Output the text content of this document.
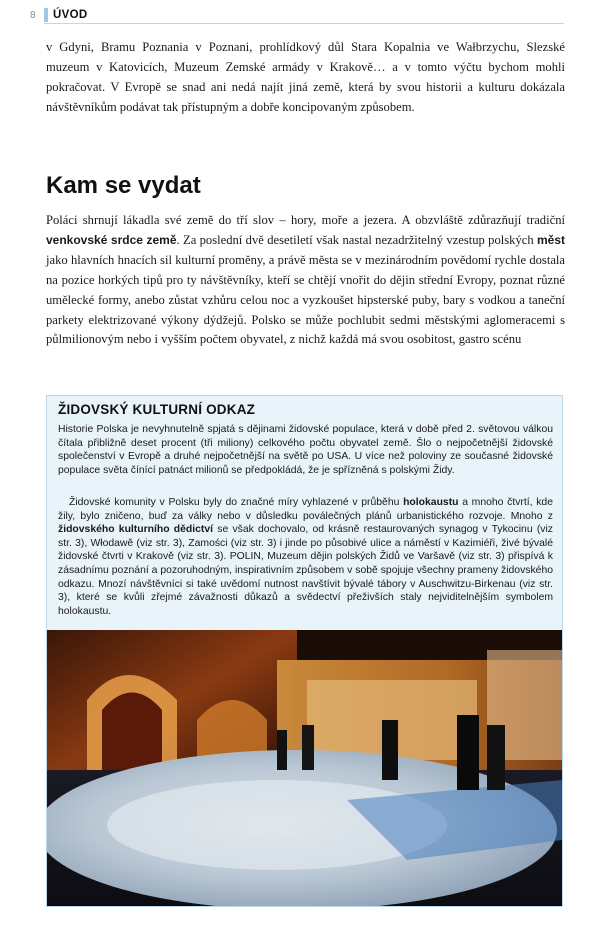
8	ÚVOD

v Gdyni, Bramu Poznania v Poznani, prohlídkový důl Stara Kopalnia ve Wałbrzychu, Slezské muzeum v Katovicích, Muzeum Zemské armády v Krakově… a v tomto výčtu bychom mohli pokračovat. V Evropě se snad ani nedá najít jiná země, která by svou historii a kulturu dokázala návštěvníkům podávat tak přístupným a dobře koncipovaným způsobem.

Kam se vydat

Poláci shrnují lákadla své země do tří slov – hory, moře a jezera. A obzvláště zdůrazňují tradiční venkovské srdce země. Za poslední dvě desetiletí však nastal nezadržitelný vzestup polských měst jako hlavních hnacích sil kulturní proměny, a právě města se v mezinárodním povědomí rychle dostala na pozice horkých tipů pro ty návštěvníky, kteří se chtějí vnořit do dějin střední Evropy, poznat různé umělecké formy, anebo zůstat vzhůru celou noc a vyzkoušet hipsterské puby, bary s vodkou a taneční parkety elektrizované výkony dýdžejů. Polsko se může pochlubit sedmi městskými aglomeracemi s půlmilionovým nebo i vyšším počtem obyvatel, z nichž každá má svou osobitost, gastro scénu

ŽIDOVSKÝ KULTURNÍ ODKAZ

Historie Polska je nevyhnutelně spjatá s dějinami židovské populace, která v době před 2. světovou válkou čítala přibližně deset procent (tři miliony) celkového počtu obyvatel země. Šlo o nejpočetnější židovské společenství v Evropě a druhé nejpočetnější na světě po USA. U více než poloviny ze současné židovské populace světa čínící patnáct milionů se předpokládá, že je spřízněná s polskými Židy.

Židovské komunity v Polsku byly do značné míry vyhlazené v průběhu holokaustu a mnoho čtvrtí, kde žily, bylo zničeno, buď za války nebo v důsledku poválečných plánů urbanistického rozvoje. Mnoho z židovského kulturního dědictví se však dochovalo, od krásně restaurovaných synagog v Tykocinu (viz str. 3), Włodawě (viz str. 3), Zamości (viz str. 3) i jinde po působivé ulice a náměstí v Kazimiéři, živé bývalé židovské čtvrti v Krakově (viz str. 3). POLIN, Muzeum dějin polských Židů ve Varšavě (viz str. 3) přispívá k zásadnímu poznání a pozoruhodným, inspirativním způsobem v sobě spojuje všechny prameny židovského odkazu. Mnozí návštěvníci si také uvědomí nutnost navštívit bývalé tábory v Auschwitzu-Birkenau (viz str. 3), které se kvůli zřejmé závažnosti důkazů a svědectví přeživších staly nejviditelnějším symbolem holokaustu.
